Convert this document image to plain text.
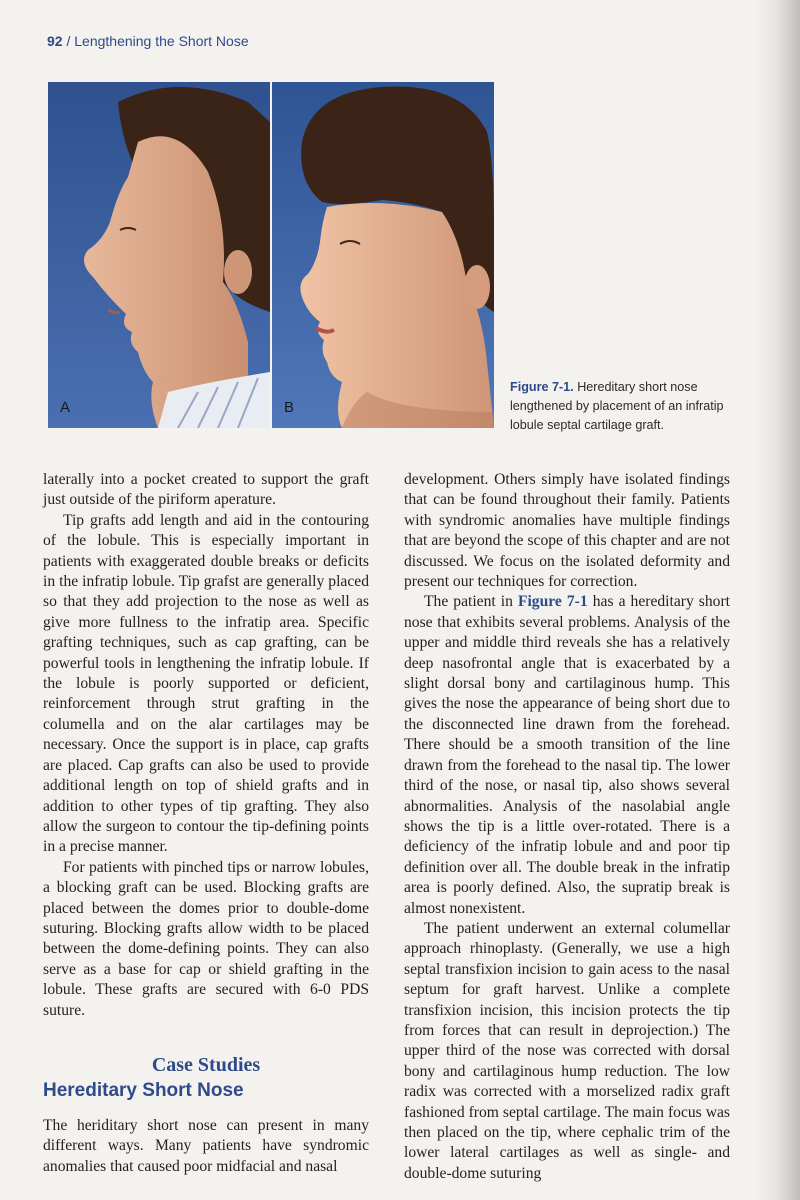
92 / Lengthening the Short Nose
A	B
Figure 7-1. Hereditary short nose lengthened by placement of an infratip lobule septal cartilage graft.

laterally into a pocket created to support the graft just outside of the piriform aperature.

Tip grafts add length and aid in the contouring of the lobule. This is especially important in patients with exaggerated double breaks or deficits in the infratip lobule. Tip grafst are generally placed so that they add projection to the nose as well as give more fullness to the infratip area. Specific grafting techniques, such as cap grafting, can be powerful tools in lengthening the infratip lobule. If the lobule is poorly supported or deficient, reinforcement through strut grafting in the columella and on the alar cartilages may be necessary. Once the support is in place, cap grafts are placed. Cap grafts can also be used to provide additional length on top of shield grafts and in addition to other types of tip grafting. They also allow the surgeon to contour the tip-defining points in a precise manner.

For patients with pinched tips or narrow lobules, a blocking graft can be used. Blocking grafts are placed between the domes prior to double-dome suturing. Blocking grafts allow width to be placed between the dome-defining points. They can also serve as a base for cap or shield grafting in the lobule. These grafts are secured with 6-0 PDS suture.

Case Studies
Hereditary Short Nose

The heriditary short nose can present in many different ways. Many patients have syndromic anomalies that caused poor midfacial and nasal

development. Others simply have isolated findings that can be found throughout their family. Patients with syndromic anomalies have multiple findings that are beyond the scope of this chapter and are not discussed. We focus on the isolated deformity and present our techniques for correction.

The patient in Figure 7-1 has a hereditary short nose that exhibits several problems. Analysis of the upper and middle third reveals she has a relatively deep nasofrontal angle that is exacerbated by a slight dorsal bony and cartilaginous hump. This gives the nose the appearance of being short due to the disconnected line drawn from the forehead. There should be a smooth transition of the line drawn from the forehead to the nasal tip. The lower third of the nose, or nasal tip, also shows several abnormalities. Analysis of the nasolabial angle shows the tip is a little over-rotated. There is a deficiency of the infratip lobule and and poor tip definition over all. The double break in the infratip area is poorly defined. Also, the supratip break is almost nonexistent.

The patient underwent an external columellar approach rhinoplasty. (Generally, we use a high septal transfixion incision to gain acess to the nasal septum for graft harvest. Unlike a complete transfixion incision, this incision protects the tip from forces that can result in deprojection.) The upper third of the nose was corrected with dorsal bony and cartilaginous hump reduction. The low radix was corrected with a morselized radix graft fashioned from septal cartilage. The main focus was then placed on the tip, where cephalic trim of the lower lateral cartilages as well as single- and double-dome suturing
